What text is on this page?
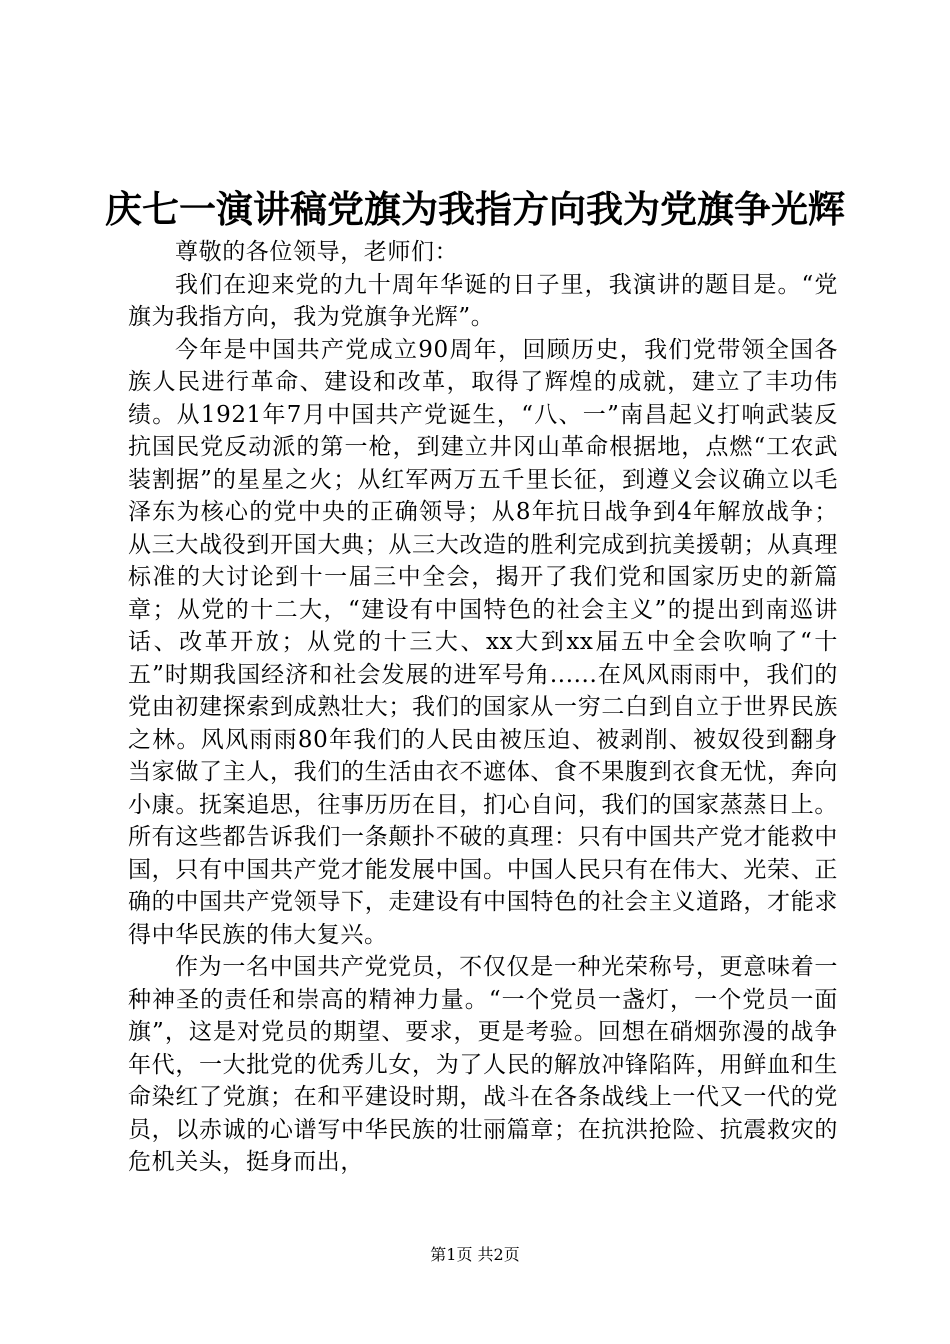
庆七一演讲稿党旗为我指方向我为党旗争光辉

尊敬的各位领导，老师们：

我们在迎来党的九十周年华诞的日子里，我演讲的题目是。“党旗为我指方向，我为党旗争光辉”。

今年是中国共产党成立90周年，回顾历史，我们党带领全国各族人民进行革命、建设和改革，取得了辉煌的成就，建立了丰功伟绩。从1921年7月中国共产党诞生，“八、一”南昌起义打响武装反抗国民党反动派的第一枪，到建立井冈山革命根据地，点燃“工农武装割据”的星星之火；从红军两万五千里长征，到遵义会议确立以毛泽东为核心的党中央的正确领导；从8年抗日战争到4年解放战争；从三大战役到开国大典；从三大改造的胜利完成到抗美援朝；从真理标准的大讨论到十一届三中全会，揭开了我们党和国家历史的新篇章；从党的十二大，“建设有中国特色的社会主义”的提出到南巡讲话、改革开放；从党的十三大、xx大到xx届五中全会吹响了“十五”时期我国经济和社会发展的进军号角......在风风雨雨中，我们的党由初建探索到成熟壮大；我们的国家从一穷二白到自立于世界民族之林。风风雨雨80年我们的人民由被压迫、被剥削、被奴役到翻身当家做了主人，我们的生活由衣不遮体、食不果腹到衣食无忧，奔向小康。抚案追思，往事历历在目，扪心自问，我们的国家蒸蒸日上。所有这些都告诉我们一条颠扑不破的真理：只有中国共产党才能救中国，只有中国共产党才能发展中国。中国人民只有在伟大、光荣、正确的中国共产党领导下，走建设有中国特色的社会主义道路，才能求得中华民族的伟大复兴。

作为一名中国共产党党员，不仅仅是一种光荣称号，更意味着一种神圣的责任和崇高的精神力量。“一个党员一盏灯，一个党员一面旗”，这是对党员的期望、要求，更是考验。回想在硝烟弥漫的战争年代，一大批党的优秀儿女，为了人民的解放冲锋陷阵，用鲜血和生命染红了党旗；在和平建设时期，战斗在各条战线上一代又一代的党员，以赤诚的心谱写中华民族的壮丽篇章；在抗洪抢险、抗震救灾的危机关头，挺身而出，

第1页 共2页
